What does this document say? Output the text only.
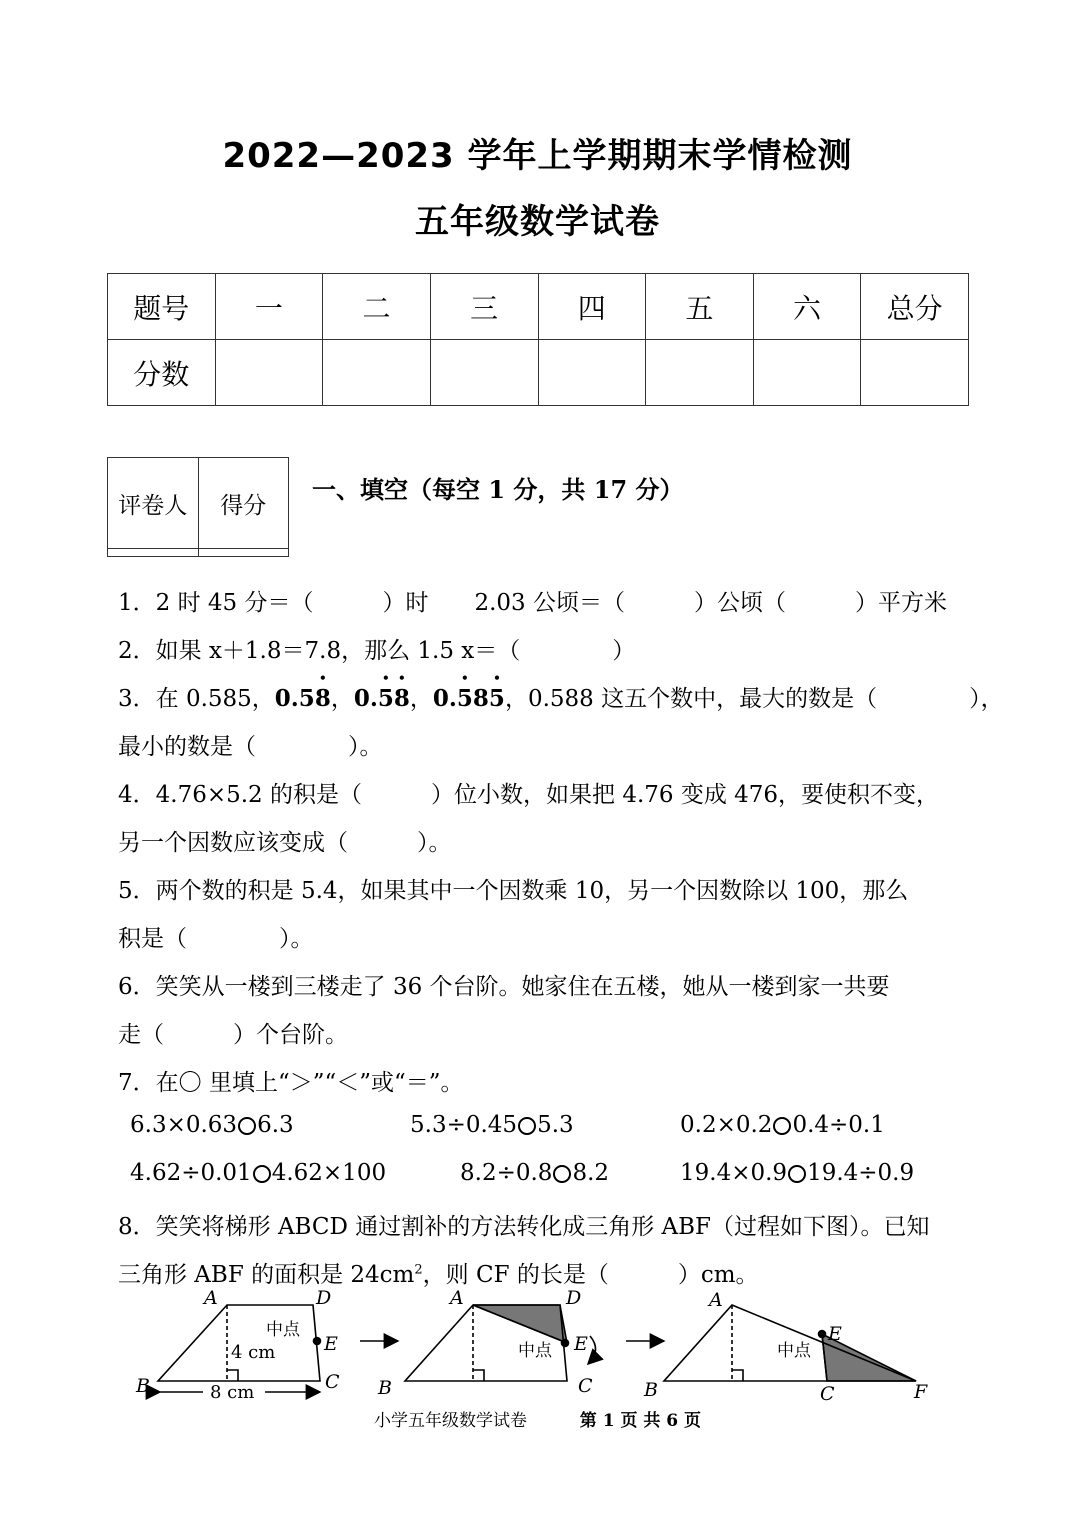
2022—2023 学年上学期期末学情检测
五年级数学试卷
题号	一	二	三	四	五	六	总分
分数							
评卷人	得分

一、填空（每空 1 分，共 17 分）
1．2 时 45 分＝（　　　）时　　2.03 公顷＝（　　　）公顷（　　　）平方米
2．如果 x＋1.8＝7.8，那么 1.5 x＝（　　　　）
3．在 0.585，0.58 •，0.5 •8 •，0.5 •85 •，0.588 这五个数中，最大的数是（　　　　），
最小的数是（　　　　）。
4．4.76×5.2 的积是（　　　）位小数，如果把 4.76 变成 476，要使积不变，
另一个因数应该变成（　　　）。
5．两个数的积是 5.4，如果其中一个因数乘 10，另一个因数除以 100，那么
积是（　　　　）。
6．笑笑从一楼到三楼走了 36 个台阶。她家住在五楼，她从一楼到家一共要
走（　　　）个台阶。
7．在〇 里填上“＞”“＜”或“＝”。
6.3×0.63 6.3	5.3÷0.45 5.3	0.2×0.2 0.4÷0.1
4.62÷0.01 4.62×100	8.2÷0.8 8.2	19.4×0.9 19.4÷0.9
8．笑笑将梯形 ABCD 通过割补的方法转化成三角形 ABF（过程如下图）。已知
三角形 ABF 的面积是 $24cm^2$，则 CF 的长是（　　　）cm。
A	D
E
C
B
A	D
E
C
B
A
E
C
B	F
中点
中点	中点
4 cm
8 cm
小学五年级数学试卷	第 1 页 共 6 页
